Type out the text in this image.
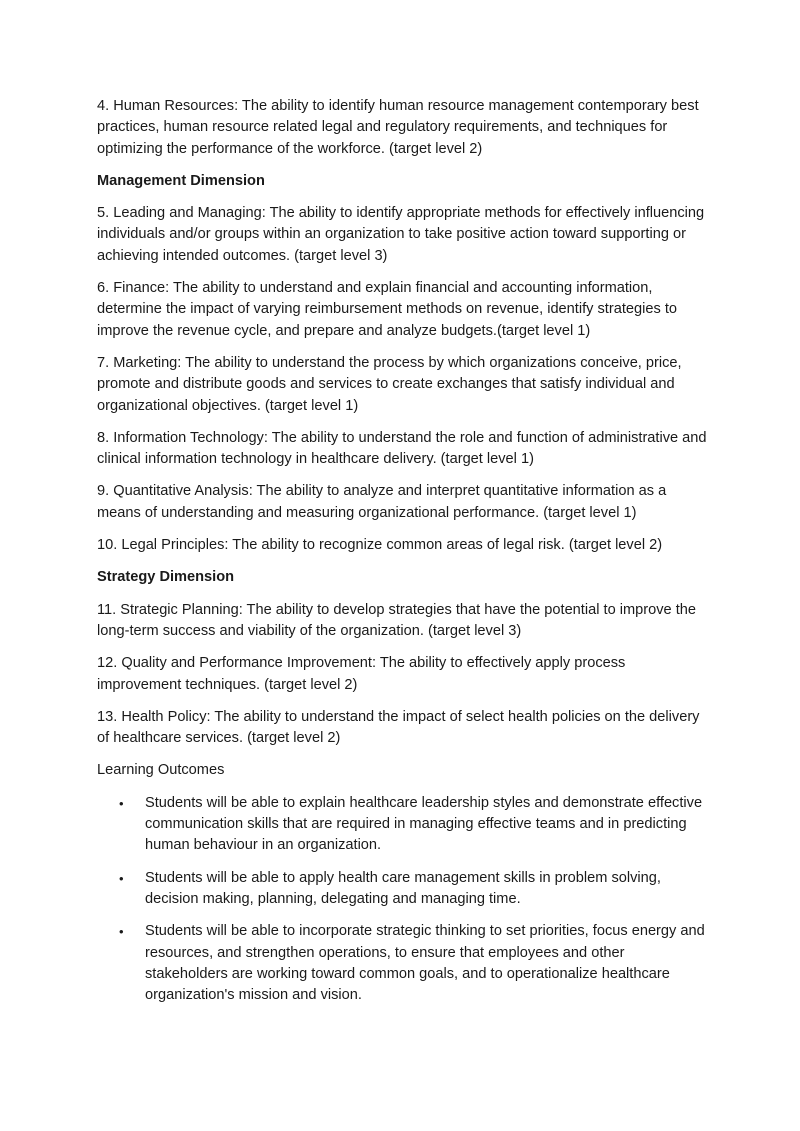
4. Human Resources: The ability to identify human resource management contemporary best practices, human resource related legal and regulatory requirements, and techniques for optimizing the performance of the workforce. (target level 2)

Management Dimension

5. Leading and Managing: The ability to identify appropriate methods for effectively influencing individuals and/or groups within an organization to take positive action toward supporting or achieving intended outcomes. (target level 3)

6. Finance: The ability to understand and explain financial and accounting information, determine the impact of varying reimbursement methods on revenue, identify strategies to improve the revenue cycle, and prepare and analyze budgets.(target level 1)

7. Marketing: The ability to understand the process by which organizations conceive, price, promote and distribute goods and services to create exchanges that satisfy individual and organizational objectives. (target level 1)

8. Information Technology: The ability to understand the role and function of administrative and clinical information technology in healthcare delivery. (target level 1)

9. Quantitative Analysis: The ability to analyze and interpret quantitative information as a means of understanding and measuring organizational performance. (target level 1)

10. Legal Principles: The ability to recognize common areas of legal risk. (target level 2)

Strategy Dimension

11. Strategic Planning: The ability to develop strategies that have the potential to improve the long-term success and viability of the organization. (target level 3)

12. Quality and Performance Improvement: The ability to effectively apply process improvement techniques. (target level 2)

13. Health Policy: The ability to understand the impact of select health policies on the delivery of healthcare services. (target level 2)

Learning Outcomes

• Students will be able to explain healthcare leadership styles and demonstrate effective communication skills that are required in managing effective teams and in predicting human behaviour in an organization.
• Students will be able to apply health care management skills in problem solving, decision making, planning, delegating and managing time.
• Students will be able to incorporate strategic thinking to set priorities, focus energy and resources, and strengthen operations, to ensure that employees and other stakeholders are working toward common goals, and to operationalize healthcare organization's mission and vision.
